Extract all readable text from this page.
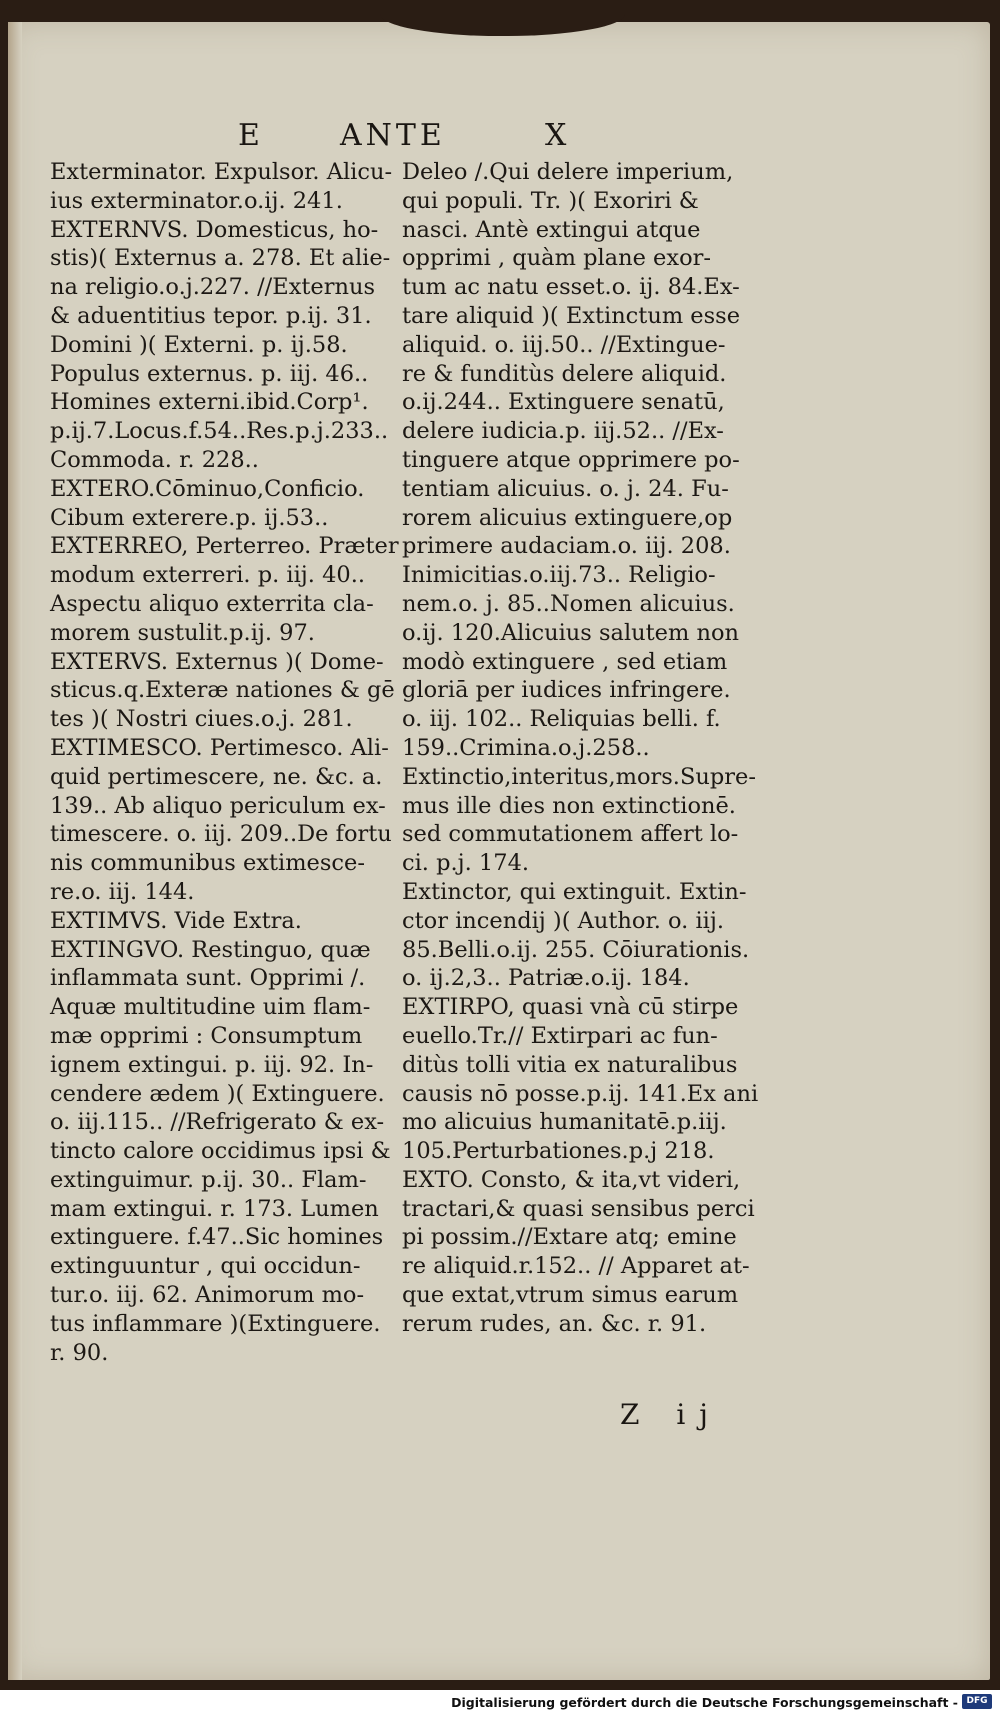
E	ANTE	X
Exterminator. Expulsor. Alicu-
ius exterminator.o.ij. 241.
EXTERNVS. Domesticus, ho-
stis)( Externus a. 278. Et alie-
na religio.o.j.227. //Externus
& aduentitius tepor. p.ij. 31.
Domini )( Externi. p. ij.58.
Populus externus. p. iij. 46..
Homines externi.ibid.Corp¹.
p.ij.7.Locus.f.54..Res.p.j.233..
Commoda. r. 228..
EXTERO.Cōminuo,Conficio.
Cibum exterere.p. ij.53..
EXTERREO, Perterreo. Præter
modum exterreri. p. iij. 40..
Aspectu aliquo exterrita cla-
morem sustulit.p.ij. 97.
EXTERVS. Externus )( Dome-
sticus.q.Exteræ nationes & gē
tes )( Nostri ciues.o.j. 281.
EXTIMESCO. Pertimesco. Ali-
quid pertimescere, ne. &c. a.
139.. Ab aliquo periculum ex-
timescere. o. iij. 209..De fortu
nis communibus extimesce-
re.o. iij. 144.
EXTIMVS. Vide Extra.
EXTINGVO. Restinguo, quæ
inflammata sunt. Opprimi /.
Aquæ multitudine uim flam-
mæ opprimi : Consumptum
ignem extingui. p. iij. 92. In-
cendere ædem )( Extinguere.
o. iij.115.. //Refrigerato & ex-
tincto calore occidimus ipsi &
extinguimur. p.ij. 30.. Flam-
mam extingui. r. 173. Lumen
extinguere. f.47..Sic homines
extinguuntur , qui occidun-
tur.o. iij. 62. Animorum mo-
tus inflammare )(Extinguere.
r. 90.
Deleo /.Qui delere imperium,
qui populi. Tr. )( Exoriri &
nasci. Antè extingui atque
opprimi , quàm plane exor-
tum ac natu esset.o. ij. 84.Ex-
tare aliquid )( Extinctum esse
aliquid. o. iij.50.. //Extingue-
re & funditùs delere aliquid.
o.ij.244.. Extinguere senatū,
delere iudicia.p. iij.52.. //Ex-
tinguere atque opprimere po-
tentiam alicuius. o. j. 24. Fu-
rorem alicuius extinguere,op
primere audaciam.o. iij. 208.
Inimicitias.o.iij.73.. Religio-
nem.o. j. 85..Nomen alicuius.
o.ij. 120.Alicuius salutem non
modò extinguere , sed etiam
gloriā per iudices infringere.
o. iij. 102.. Reliquias belli. f.
159..Crimina.o.j.258..
Extinctio,interitus,mors.Supre-
mus ille dies non extinctionē.
sed commutationem affert lo-
ci. p.j. 174.
Extinctor, qui extinguit. Extin-
ctor incendij )( Author. o. iij.
85.Belli.o.ij. 255. Cōiurationis.
o. ij.2,3.. Patriæ.o.ij. 184.
EXTIRPO, quasi vnà cū stirpe
euello.Tr.// Extirpari ac fun-
ditùs tolli vitia ex naturalibus
causis nō posse.p.ij. 141.Ex ani
mo alicuius humanitatē.p.iij.
105.Perturbationes.p.j 218.
EXTO. Consto, & ita,vt videri,
tractari,& quasi sensibus perci
pi possim.//Extare atq; emine
re aliquid.r.152.. // Apparet at-
que extat,vtrum simus earum
rerum rudes, an. &c. r. 91.
Z ij
Digitalisierung gefördert durch die Deutsche Forschungsgemeinschaft - DFG
